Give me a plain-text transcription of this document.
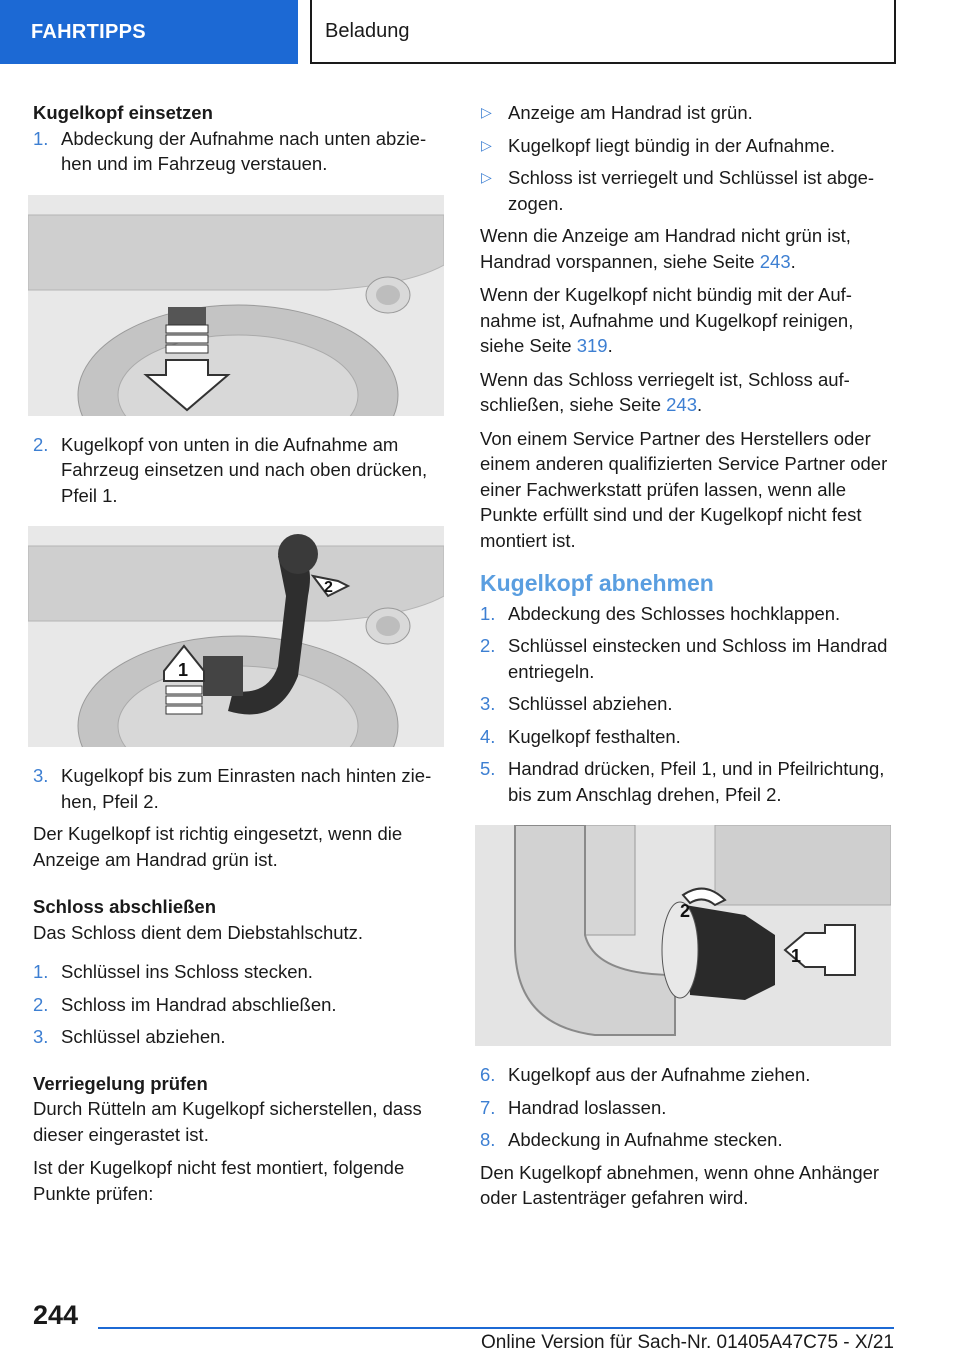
FAHRTIPPS	Beladung

Kugelkopf einsetzen

1. Abdeckung der Aufnahme nach unten abziehen und im Fahrzeug verstauen.
2. Kugelkopf von unten in die Aufnahme am Fahrzeug einsetzen und nach oben drücken, Pfeil 1.
1
2
3. Kugelkopf bis zum Einrasten nach hinten ziehen, Pfeil 2.

Der Kugelkopf ist richtig eingesetzt, wenn die Anzeige am Handrad grün ist.

Schloss abschließen

Das Schloss dient dem Diebstahlschutz.

1. Schlüssel ins Schloss stecken.
2. Schloss im Handrad abschließen.
3. Schlüssel abziehen.

Verriegelung prüfen

Durch Rütteln am Kugelkopf sicherstellen, dass dieser eingerastet ist.

Ist der Kugelkopf nicht fest montiert, folgende Punkte prüfen:

▷ Anzeige am Handrad ist grün.
▷ Kugelkopf liegt bündig in der Aufnahme.
▷ Schloss ist verriegelt und Schlüssel ist abgezogen.

Wenn die Anzeige am Handrad nicht grün ist, Handrad vorspannen, siehe Seite 243.

Wenn der Kugelkopf nicht bündig mit der Aufnahme ist, Aufnahme und Kugelkopf reinigen, siehe Seite 319.

Wenn das Schloss verriegelt ist, Schloss aufschließen, siehe Seite 243.

Von einem Service Partner des Herstellers oder einem anderen qualifizierten Service Partner oder einer Fachwerkstatt prüfen lassen, wenn alle Punkte erfüllt sind und der Kugelkopf nicht fest montiert ist.

Kugelkopf abnehmen

1. Abdeckung des Schlosses hochklappen.
2. Schlüssel einstecken und Schloss im Handrad entriegeln.
3. Schlüssel abziehen.
4. Kugelkopf festhalten.
5. Handrad drücken, Pfeil 1, und in Pfeilrichtung, bis zum Anschlag drehen, Pfeil 2.
1
2
6. Kugelkopf aus der Aufnahme ziehen.
7. Handrad loslassen.
8. Abdeckung in Aufnahme stecken.

Den Kugelkopf abnehmen, wenn ohne Anhänger oder Lastenträger gefahren wird.

244
Online Version für Sach-Nr. 01405A47C75 - X/21
